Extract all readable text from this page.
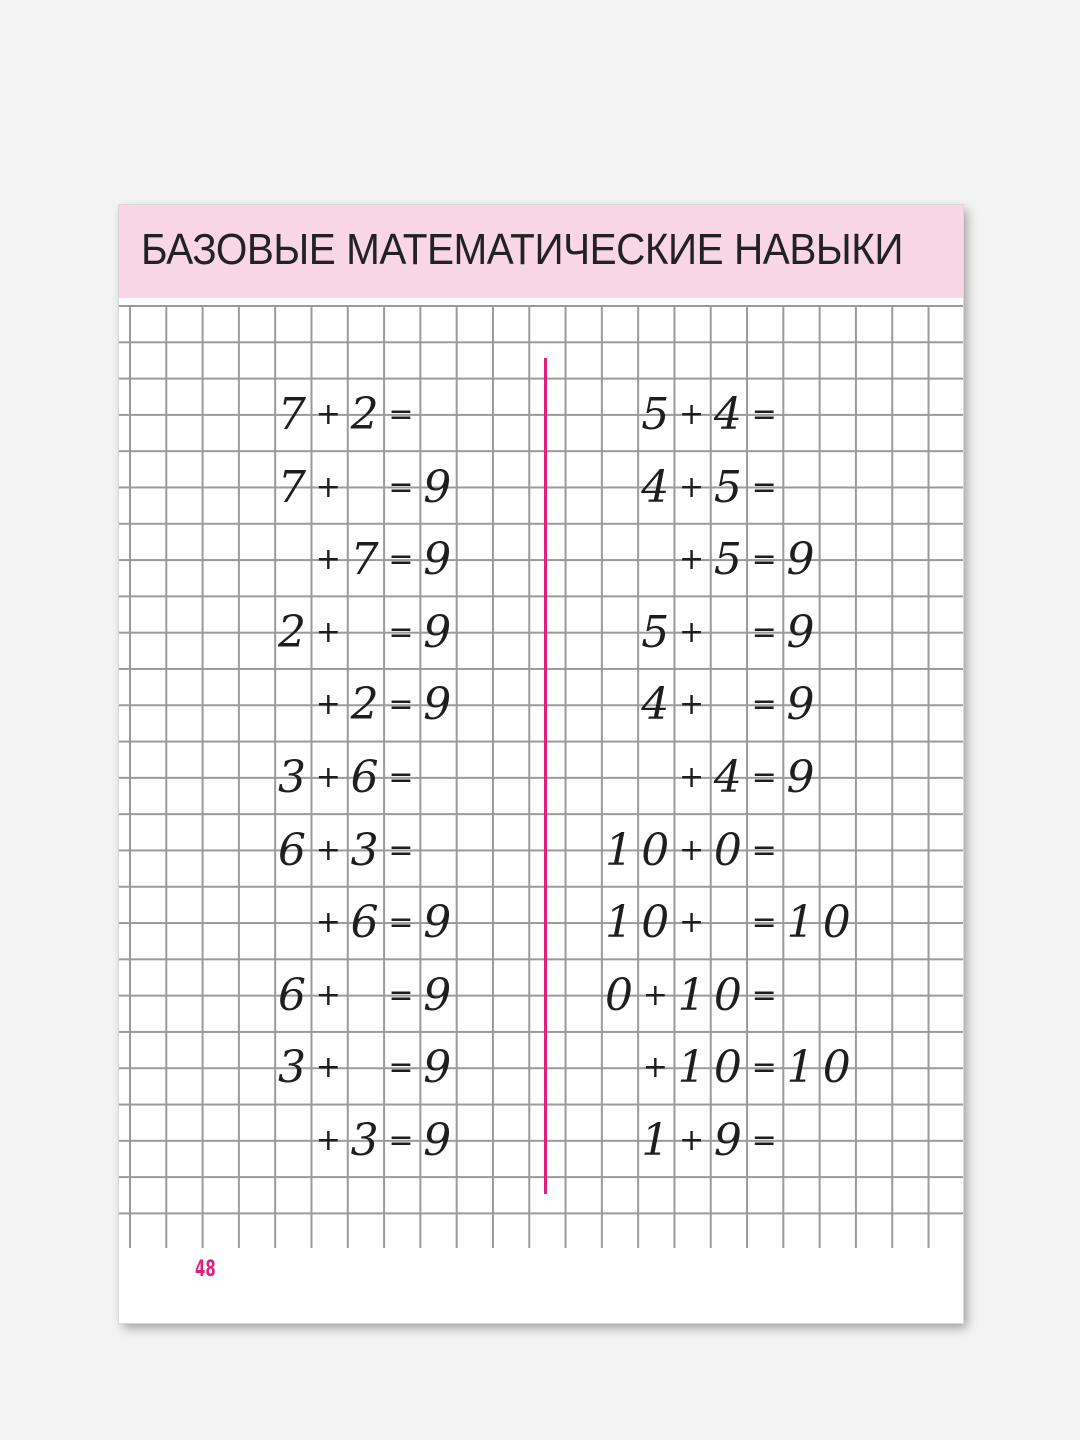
БАЗОВЫЕ МАТЕМАТИЧЕСКИЕ НАВЫКИ
7 + 2 =
7 + = 9
+ 7 = 9
2 + = 9
+ 2 = 9
3 + 6 =
6 + 3 =
+ 6 = 9
6 + = 9
3 + = 9
+ 3 = 9
5 + 4 =
4 + 5 =
+ 5 = 9
5 + = 9
4 + = 9
+ 4 = 9
1 0 + 0 =
1 0 + = 1 0
0 + 1 0 =
+ 1 0 = 1 0
1 + 9 =
48
